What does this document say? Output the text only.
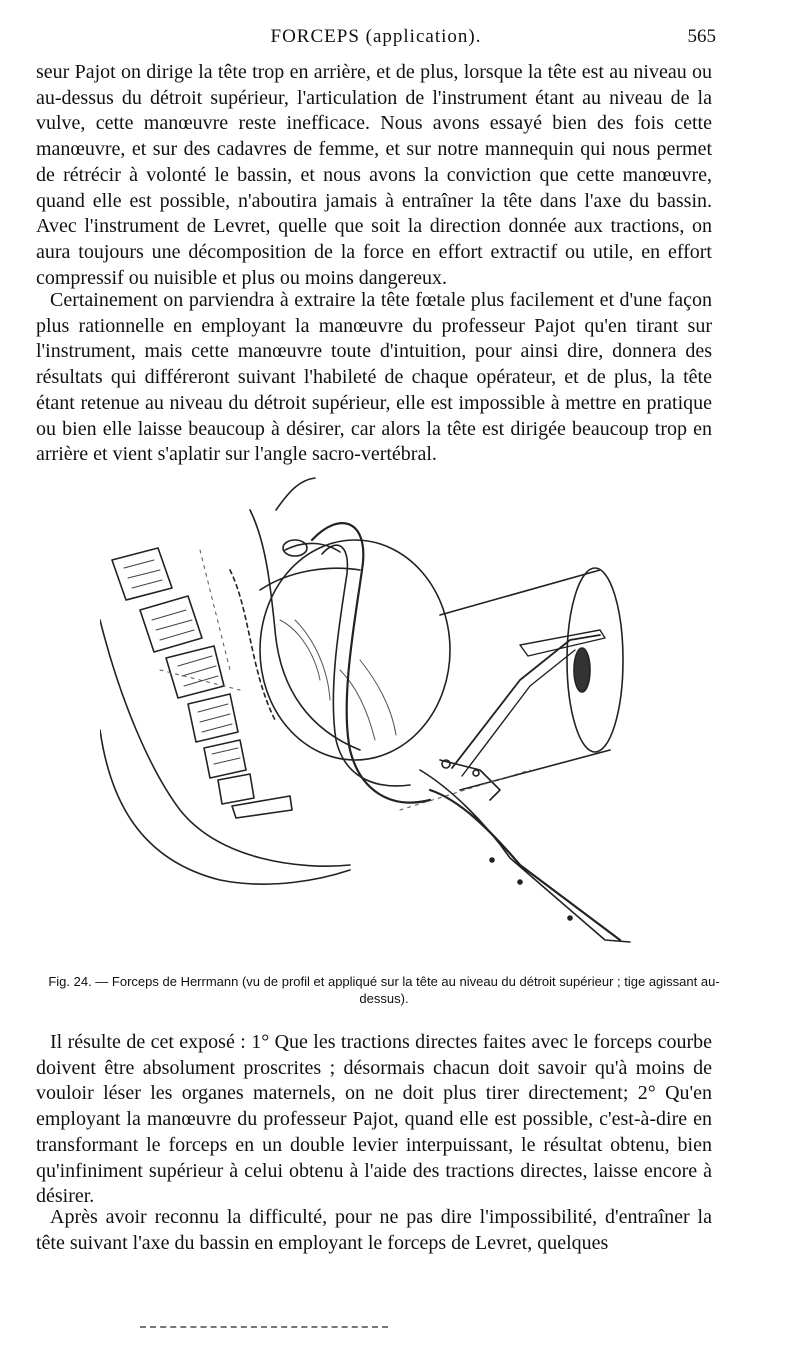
FORCEPS (application).	565

seur Pajot on dirige la tête trop en arrière, et de plus, lorsque la tête est au niveau ou au-dessus du détroit supérieur, l'articulation de l'instrument étant au niveau de la vulve, cette manœuvre reste inefficace. Nous avons essayé bien des fois cette manœuvre, et sur des cadavres de femme, et sur notre mannequin qui nous permet de rétrécir à volonté le bassin, et nous avons la conviction que cette manœuvre, quand elle est possible, n'aboutira jamais à entraîner la tête dans l'axe du bassin. Avec l'instrument de Levret, quelle que soit la direction donnée aux tractions, on aura toujours une décomposition de la force en effort extractif ou utile, en effort compressif ou nuisible et plus ou moins dangereux.

Certainement on parviendra à extraire la tête fœtale plus facilement et d'une façon plus rationnelle en employant la manœuvre du professeur Pajot qu'en tirant sur l'instrument, mais cette manœuvre toute d'intuition, pour ainsi dire, donnera des résultats qui différeront suivant l'habileté de chaque opérateur, et de plus, la tête étant retenue au niveau du détroit supérieur, elle est impossible à mettre en pratique ou bien elle laisse beaucoup à désirer, car alors la tête est dirigée beaucoup trop en arrière et vient s'aplatir sur l'angle sacro-vertébral.

Fig. 24. — Forceps de Herrmann (vu de profil et appliqué sur la tête au niveau du détroit supérieur ; tige agissant au-dessus).

Il résulte de cet exposé : 1° Que les tractions directes faites avec le forceps courbe doivent être absolument proscrites ; désormais chacun doit savoir qu'à moins de vouloir léser les organes maternels, on ne doit plus tirer directement; 2° Qu'en employant la manœuvre du professeur Pajot, quand elle est possible, c'est-à-dire en transformant le forceps en un double levier interpuissant, le résultat obtenu, bien qu'infiniment supérieur à celui obtenu à l'aide des tractions directes, laisse encore à désirer.

Après avoir reconnu la difficulté, pour ne pas dire l'impossibilité, d'entraîner la tête suivant l'axe du bassin en employant le forceps de Levret, quelques
